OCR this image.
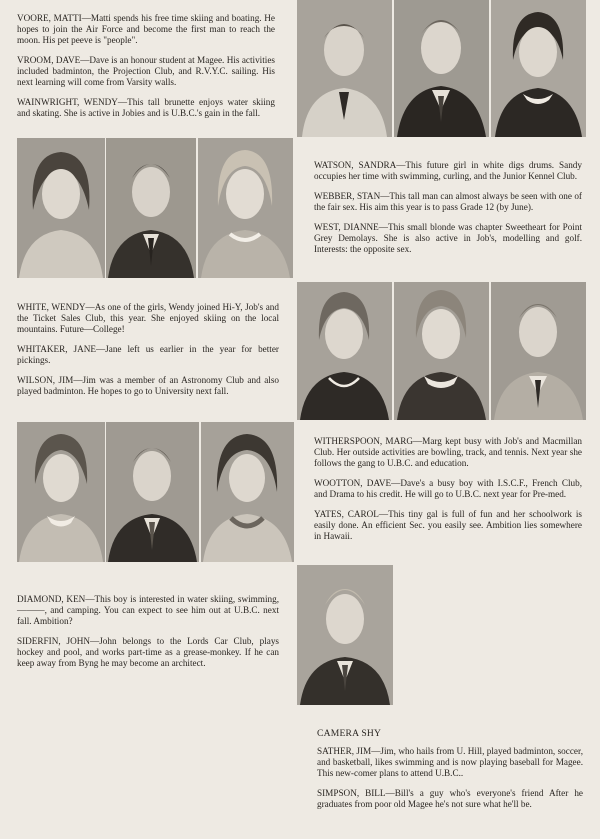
VOORE, MATTI—Matti spends his free time skiing and boating. He hopes to join the Air Force and become the first man to reach the moon. His pet peeve is "people".

VROOM, DAVE—Dave is an honour student at Magee. His activities included badminton, the Projection Club, and R.V.Y.C. sailing. His next learning will come from Varsity walls.

WAINWRIGHT, WENDY—This tall brunette enjoys water skiing and skating. She is active in Jobies and is U.B.C.'s gain in the fall.

WATSON, SANDRA—This future girl in white digs drums. Sandy occupies her time with swimming, curling, and the Junior Kennel Club.

WEBBER, STAN—This tall man can almost always be seen with one of the fair sex. His aim this year is to pass Grade 12 (by June).

WEST, DIANNE—This small blonde was chapter Sweetheart for Point Grey Demolays. She is also active in Job's, modelling and golf. Interests: the opposite sex.

WHITE, WENDY—As one of the girls, Wendy joined Hi-Y, Job's and the Ticket Sales Club, this year. She enjoyed skiing on the local mountains. Future—College!

WHITAKER, JANE—Jane left us earlier in the year for better pickings.

WILSON, JIM—Jim was a member of an Astronomy Club and also played badminton. He hopes to go to University next fall.

WITHERSPOON, MARG—Marg kept busy with Job's and Macmillan Club. Her outside activities are bowling, track, and tennis. Next year she follows the gang to U.B.C. and education.

WOOTTON, DAVE—Dave's a busy boy with I.S.C.F., French Club, and Drama to his credit. He will go to U.B.C. next year for Pre-med.

YATES, CAROL—This tiny gal is full of fun and her schoolwork is easily done. An efficient Sec. you easily see. Ambition lies somewhere in Hawaii.

DIAMOND, KEN—This boy is interested in water skiing, swimming, ———, and camping. You can expect to see him out at U.B.C. next fall. Ambition?

SIDERFIN, JOHN—John belongs to the Lords Car Club, plays hockey and pool, and works part-time as a grease-monkey. If he can keep away from Byng he may become an architect.

CAMERA SHY

SATHER, JIM—Jim, who hails from U. Hill, played badminton, soccer, and basketball, likes swimming and is now playing baseball for Magee. This new-comer plans to attend U.B.C..

SIMPSON, BILL—Bill's a guy who's everyone's friend After he graduates from poor old Magee he's not sure what he'll be.
